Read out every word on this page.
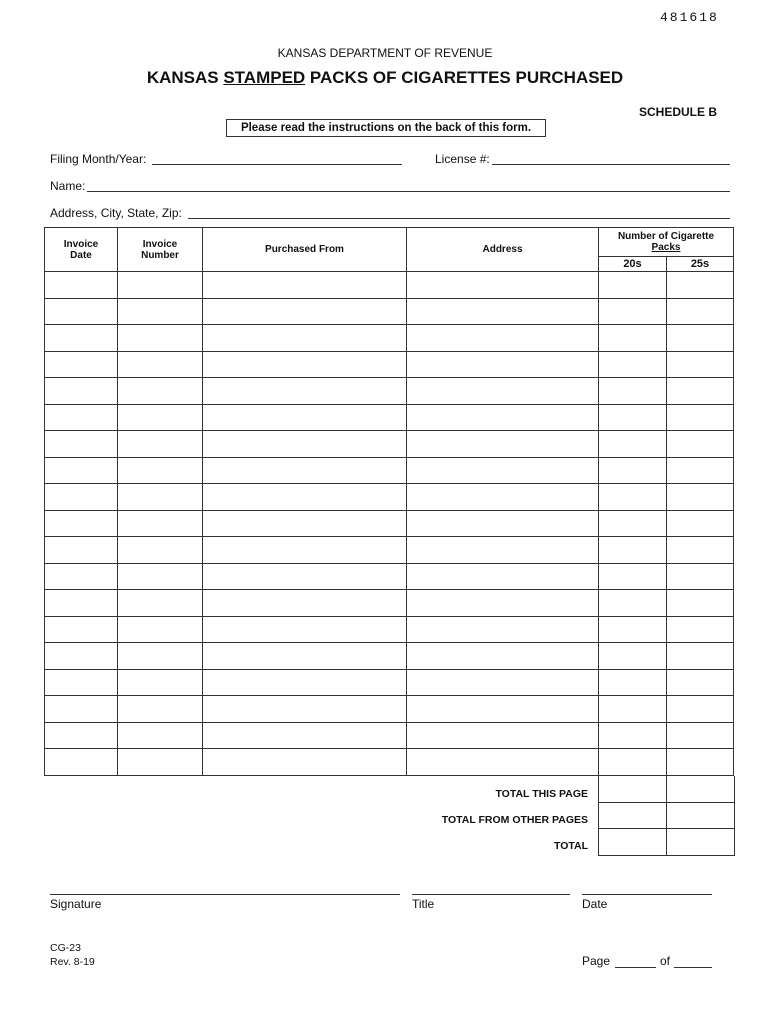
481618
KANSAS DEPARTMENT OF REVENUE
KANSAS STAMPED PACKS OF CIGARETTES PURCHASED
SCHEDULE B
Please read the instructions on the back of this form.
Filing Month/Year:	License #:
Name:
Address, City, State, Zip:
Invoice Date	Invoice Number	Purchased From	Address	Number of Cigarette
Packs	

				20s	25s

TOTAL THIS PAGE
TOTAL FROM OTHER PAGES
TOTAL
Signature	Title	Date
CG-23
Rev. 8-19	Page	of
